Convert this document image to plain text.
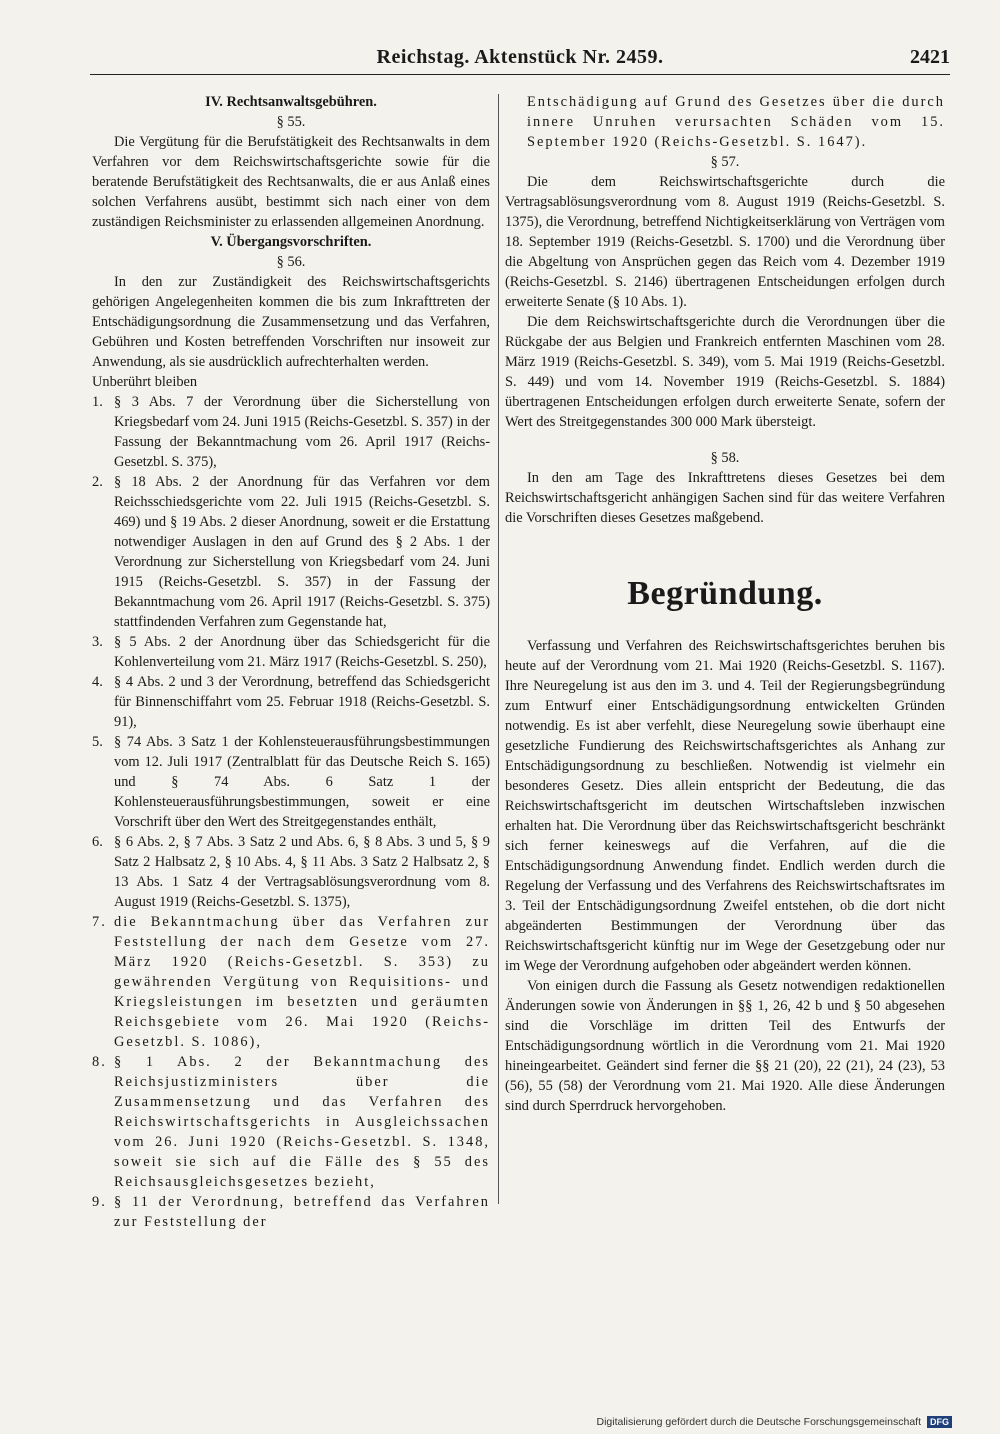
Reichstag. Aktenstück Nr. 2459.	2421

IV. Rechtsanwaltsgebühren.

§ 55.

Die Vergütung für die Berufstätigkeit des Rechtsanwalts in dem Verfahren vor dem Reichswirtschaftsgerichte sowie für die beratende Berufstätigkeit des Rechtsanwalts, die er aus Anlaß eines solchen Verfahrens ausübt, bestimmt sich nach einer von dem zuständigen Reichsminister zu erlassenden allgemeinen Anordnung.

V. Übergangsvorschriften.

§ 56.

In den zur Zuständigkeit des Reichswirtschaftsgerichts gehörigen Angelegenheiten kommen die bis zum Inkrafttreten der Entschädigungsordnung die Zusammensetzung und das Verfahren, Gebühren und Kosten betreffenden Vorschriften nur insoweit zur Anwendung, als sie ausdrücklich aufrechterhalten werden.

Unberührt bleiben

1. § 3 Abs. 7 der Verordnung über die Sicherstellung von Kriegsbedarf vom 24. Juni 1915 (Reichs-Gesetzbl. S. 357) in der Fassung der Bekanntmachung vom 26. April 1917 (Reichs-Gesetzbl. S. 375),
2. § 18 Abs. 2 der Anordnung für das Verfahren vor dem Reichsschiedsgerichte vom 22. Juli 1915 (Reichs-Gesetzbl. S. 469) und § 19 Abs. 2 dieser Anordnung, soweit er die Erstattung notwendiger Auslagen in den auf Grund des § 2 Abs. 1 der Verordnung zur Sicherstellung von Kriegsbedarf vom 24. Juni 1915 (Reichs-Gesetzbl. S. 357) in der Fassung der Bekanntmachung vom 26. April 1917 (Reichs-Gesetzbl. S. 375) stattfindenden Verfahren zum Gegenstande hat,
3. § 5 Abs. 2 der Anordnung über das Schiedsgericht für die Kohlenverteilung vom 21. März 1917 (Reichs-Gesetzbl. S. 250),
4. § 4 Abs. 2 und 3 der Verordnung, betreffend das Schiedsgericht für Binnenschiffahrt vom 25. Februar 1918 (Reichs-Gesetzbl. S. 91),
5. § 74 Abs. 3 Satz 1 der Kohlensteuerausführungsbestimmungen vom 12. Juli 1917 (Zentralblatt für das Deutsche Reich S. 165) und § 74 Abs. 6 Satz 1 der Kohlensteuerausführungsbestimmungen, soweit er eine Vorschrift über den Wert des Streitgegenstandes enthält,
6. § 6 Abs. 2, § 7 Abs. 3 Satz 2 und Abs. 6, § 8 Abs. 3 und 5, § 9 Satz 2 Halbsatz 2, § 10 Abs. 4, § 11 Abs. 3 Satz 2 Halbsatz 2, § 13 Abs. 1 Satz 4 der Vertragsablösungsverordnung vom 8. August 1919 (Reichs-Gesetzbl. S. 1375),
7. die Bekanntmachung über das Verfahren zur Feststellung der nach dem Gesetze vom 27. März 1920 (Reichs-Gesetzbl. S. 353) zu gewährenden Vergütung von Requisitions- und Kriegsleistungen im besetzten und geräumten Reichsgebiete vom 26. Mai 1920 (Reichs-Gesetzbl. S. 1086),
8. § 1 Abs. 2 der Bekanntmachung des Reichsjustizministers über die Zusammensetzung und das Verfahren des Reichswirtschaftsgerichts in Ausgleichssachen vom 26. Juni 1920 (Reichs-Gesetzbl. S. 1348, soweit sie sich auf die Fälle des § 55 des Reichsausgleichsgesetzes bezieht,
9. § 11 der Verordnung, betreffend das Verfahren zur Feststellung der

Entschädigung auf Grund des Gesetzes über die durch innere Unruhen verursachten Schäden vom 15. September 1920 (Reichs-Gesetzbl. S. 1647).

§ 57.

Die dem Reichswirtschaftsgerichte durch die Vertragsablösungsverordnung vom 8. August 1919 (Reichs-Gesetzbl. S. 1375), die Verordnung, betreffend Nichtigkeitserklärung von Verträgen vom 18. September 1919 (Reichs-Gesetzbl. S. 1700) und die Verordnung über die Abgeltung von Ansprüchen gegen das Reich vom 4. Dezember 1919 (Reichs-Gesetzbl. S. 2146) übertragenen Entscheidungen erfolgen durch erweiterte Senate (§ 10 Abs. 1).

Die dem Reichswirtschaftsgerichte durch die Verordnungen über die Rückgabe der aus Belgien und Frankreich entfernten Maschinen vom 28. März 1919 (Reichs-Gesetzbl. S. 349), vom 5. Mai 1919 (Reichs-Gesetzbl. S. 449) und vom 14. November 1919 (Reichs-Gesetzbl. S. 1884) übertragenen Entscheidungen erfolgen durch erweiterte Senate, sofern der Wert des Streitgegenstandes 300 000 Mark übersteigt.

§ 58.

In den am Tage des Inkrafttretens dieses Gesetzes bei dem Reichswirtschaftsgericht anhängigen Sachen sind für das weitere Verfahren die Vorschriften dieses Gesetzes maßgebend.

Begründung.

Verfassung und Verfahren des Reichswirtschaftsgerichtes beruhen bis heute auf der Verordnung vom 21. Mai 1920 (Reichs-Gesetzbl. S. 1167). Ihre Neuregelung ist aus den im 3. und 4. Teil der Regierungsbegründung zum Entwurf einer Entschädigungsordnung entwickelten Gründen notwendig. Es ist aber verfehlt, diese Neuregelung sowie überhaupt eine gesetzliche Fundierung des Reichswirtschaftsgerichtes als Anhang zur Entschädigungsordnung zu beschließen. Notwendig ist vielmehr ein besonderes Gesetz. Dies allein entspricht der Bedeutung, die das Reichswirtschaftsgericht im deutschen Wirtschaftsleben inzwischen erhalten hat. Die Verordnung über das Reichswirtschaftsgericht beschränkt sich ferner keineswegs auf die Verfahren, auf die die Entschädigungsordnung Anwendung findet. Endlich werden durch die Regelung der Verfassung und des Verfahrens des Reichswirtschaftsrates im 3. Teil der Entschädigungsordnung Zweifel entstehen, ob die dort nicht abgeänderten Bestimmungen der Verordnung über das Reichswirtschaftsgericht künftig nur im Wege der Gesetzgebung oder nur im Wege der Verordnung aufgehoben oder abgeändert werden können.

Von einigen durch die Fassung als Gesetz notwendigen redaktionellen Änderungen sowie von Änderungen in §§ 1, 26, 42 b und § 50 abgesehen sind die Vorschläge im dritten Teil des Entwurfs der Entschädigungsordnung wörtlich in die Verordnung vom 21. Mai 1920 hineingearbeitet. Geändert sind ferner die §§ 21 (20), 22 (21), 24 (23), 53 (56), 55 (58) der Verordnung vom 21. Mai 1920. Alle diese Änderungen sind durch Sperrdruck hervorgehoben.

Digitalisierung gefördert durch die Deutsche Forschungsgemeinschaft	DFG
